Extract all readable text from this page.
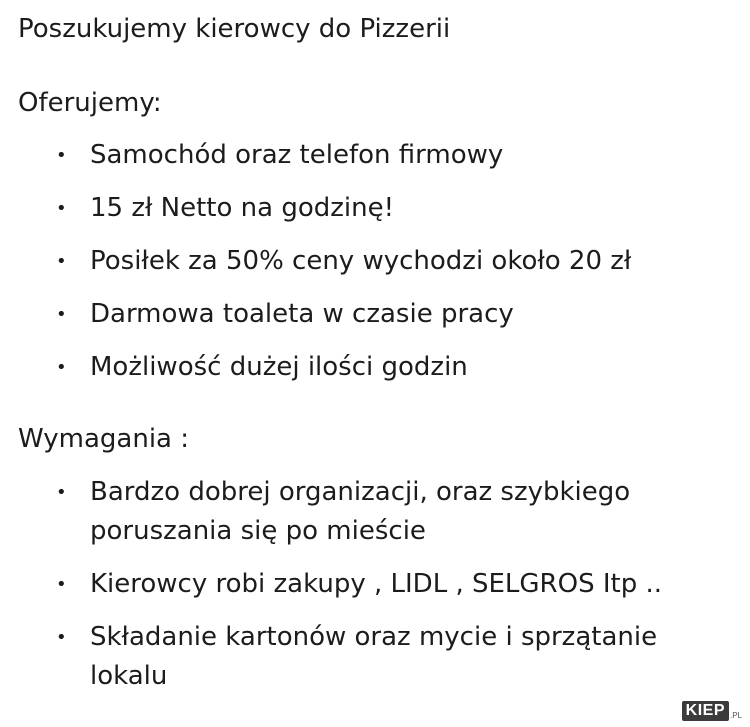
Poszukujemy kierowcy do Pizzerii
Oferujemy:
• Samochód oraz telefon firmowy
• 15 zł Netto na godzinę!
• Posiłek za 50% ceny wychodzi około 20 zł
• Darmowa toaleta w czasie pracy
• Możliwość dużej ilości godzin
Wymagania :
• Bardzo dobrej organizacji, oraz szybkiego poruszania się po mieście
• Kierowcy robi zakupy , LIDL , SELGROS Itp ..
• Składanie kartonów oraz mycie i sprzątanie lokalu
KIEP .PL
